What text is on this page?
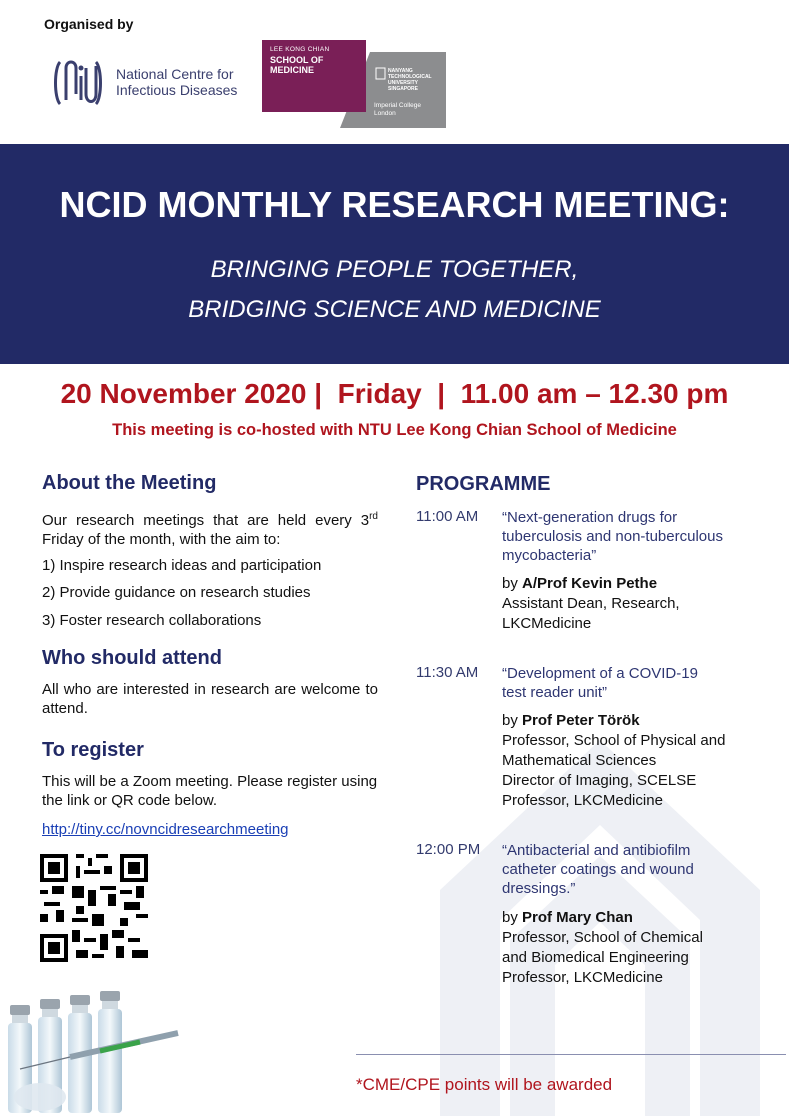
Organised by
National Centre for
Infectious Diseases
NANYANG
TECHNOLOGICAL
UNIVERSITY
SINGAPORE
Imperial College
London
LEE KONG CHIAN
SCHOOL OF
MEDICINE
NCID MONTHLY RESEARCH MEETING:
BRINGING PEOPLE TOGETHER,
BRIDGING SCIENCE AND MEDICINE
20 November 2020 |  Friday  |  11.00 am – 12.30 pm
This meeting is co-hosted with NTU Lee Kong Chian School of Medicine
About the Meeting
Our research meetings that are held every 3rd Friday of the month, with the aim to:
1) Inspire research ideas and participation
2) Provide guidance on research studies
3) Foster research collaborations
Who should attend
All who are interested in research are welcome to attend.
To register
This will be a Zoom meeting. Please register using the link or QR code below.
http://tiny.cc/novncidresearchmeeting
PROGRAMME
11:00 AM “Next-generation drugs for
tuberculosis and non-tuberculous
mycobacteria”
by A/Prof Kevin Pethe
Assistant Dean, Research,
LKCMedicine
11:30 AM “Development of a COVID-19
test reader unit”
by Prof Peter Török
Professor, School of Physical and
Mathematical Sciences
Director of Imaging, SCELSE
Professor, LKCMedicine
12:00 PM “Antibacterial and antibiofilm
catheter coatings and wound
dressings.”
by Prof Mary Chan
Professor, School of Chemical
and Biomedical Engineering
Professor, LKCMedicine
*CME/CPE points will be awarded
